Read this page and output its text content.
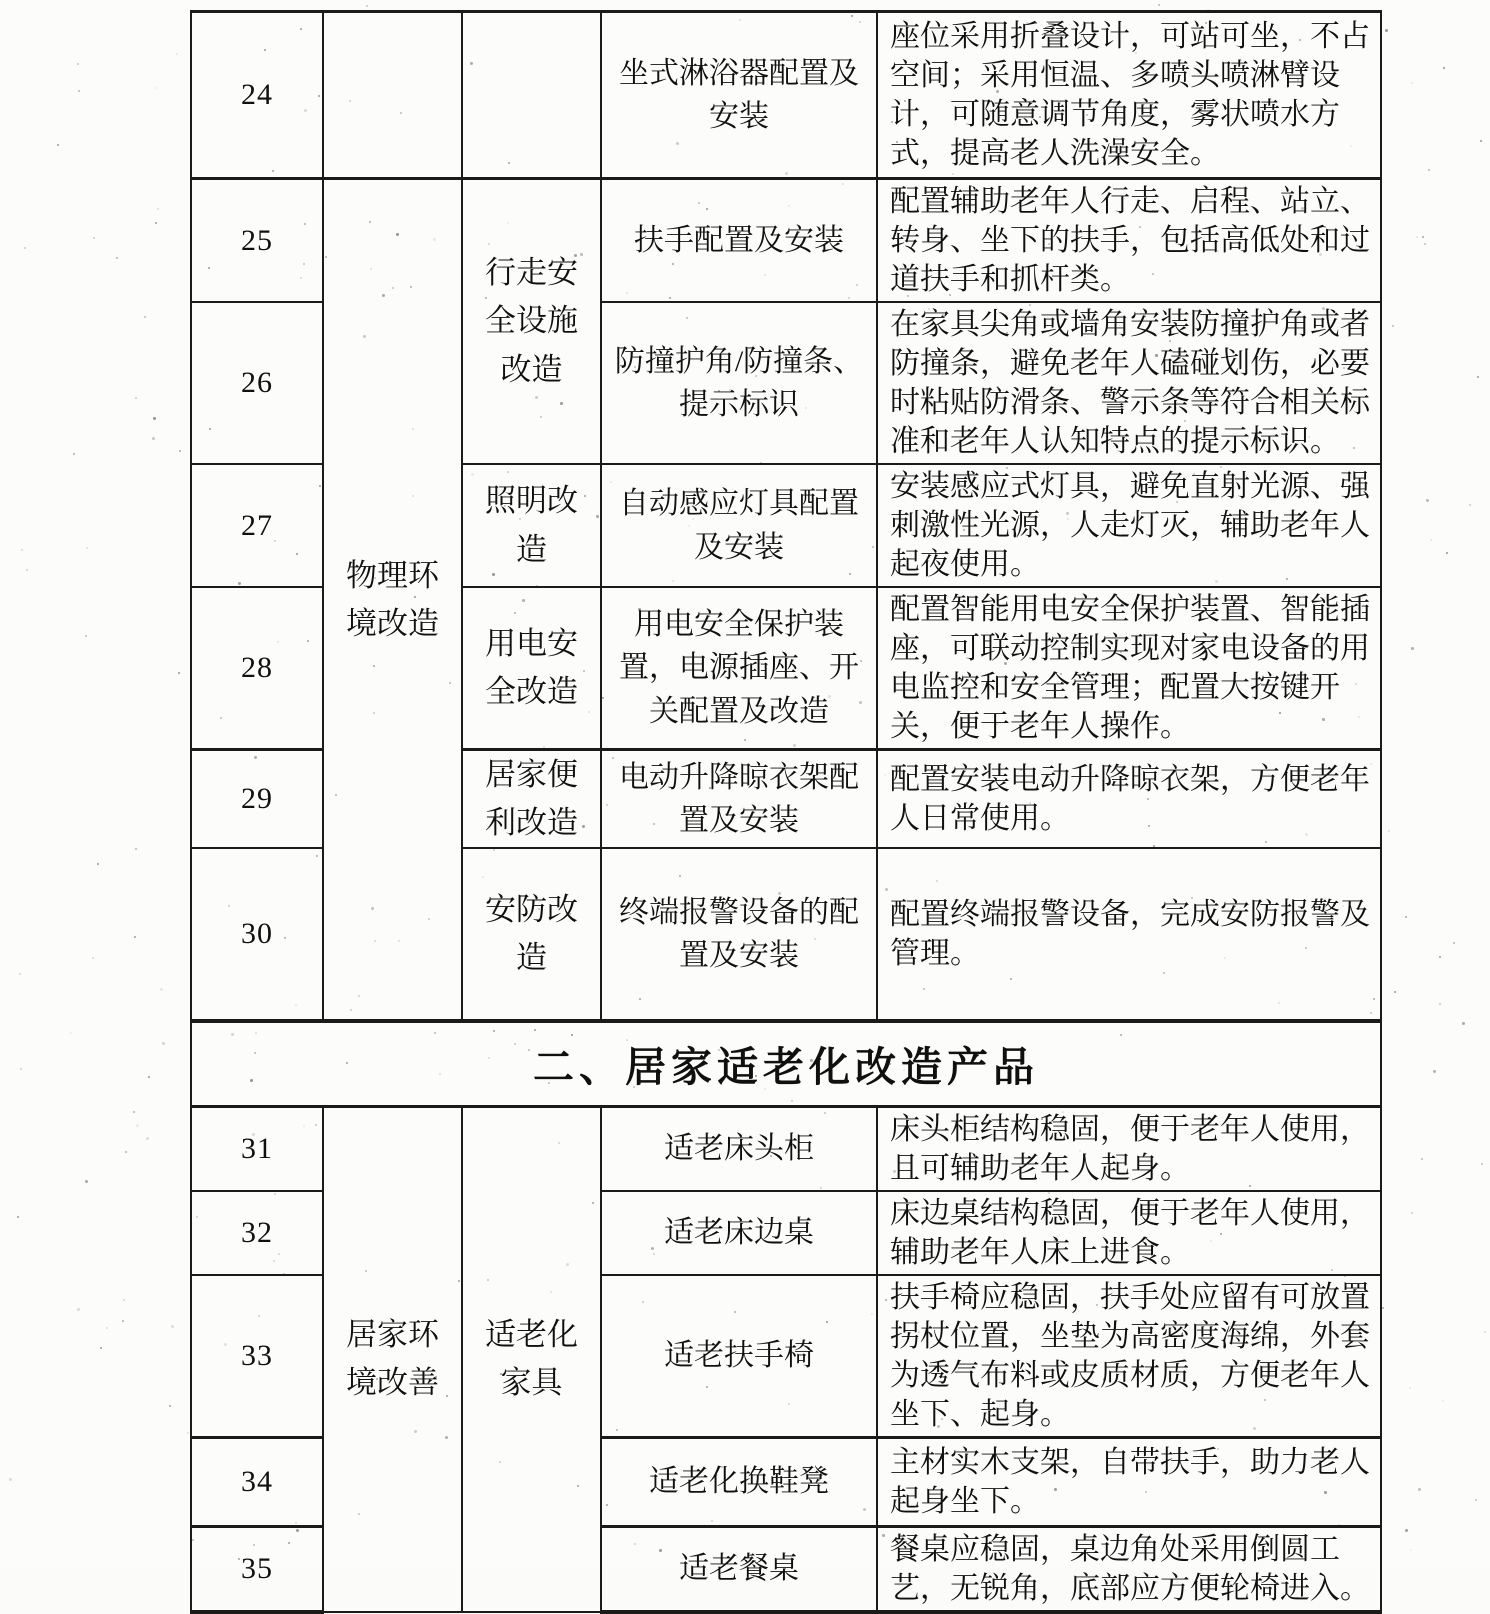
24			坐式淋浴器配置及安装	座位采用折叠设计，可站可坐，不占空间；采用恒温、多喷头喷淋臂设计，可随意调节角度，雾状喷水方式，提高老人洗澡安全。
25	物理环境改造	行走安全设施改造	扶手配置及安装	配置辅助老年人行走、启程、站立、转身、坐下的扶手，包括高低处和过道扶手和抓杆类。
26			防撞护角/防撞条、提示标识	在家具尖角或墙角安装防撞护角或者防撞条，避免老年人磕碰划伤，必要时粘贴防滑条、警示条等符合相关标准和老年人认知特点的提示标识。
27		照明改造	自动感应灯具配置及安装	安装感应式灯具，避免直射光源、强刺激性光源，人走灯灭，辅助老年人起夜使用。
28		用电安全改造	用电安全保护装置，电源插座、开关配置及改造	配置智能用电安全保护装置、智能插座，可联动控制实现对家电设备的用电监控和安全管理；配置大按键开关，便于老年人操作。
29		居家便利改造	电动升降晾衣架配置及安装	配置安装电动升降晾衣架，方便老年人日常使用。
30		安防改造	终端报警设备的配置及安装	配置终端报警设备，完成安防报警及管理。
二、居家适老化改造产品				
31	居家环境改善	适老化家具	适老床头柜	床头柜结构稳固，便于老年人使用，且可辅助老年人起身。
32			适老床边桌	床边桌结构稳固，便于老年人使用，辅助老年人床上进食。
33			适老扶手椅	扶手椅应稳固，扶手处应留有可放置拐杖位置，坐垫为高密度海绵，外套为透气布料或皮质材质，方便老年人坐下、起身。
34			适老化换鞋凳	主材实木支架，自带扶手，助力老人起身坐下。
35			适老餐桌	餐桌应稳固，桌边角处采用倒圆工艺，无锐角，底部应方便轮椅进入。
